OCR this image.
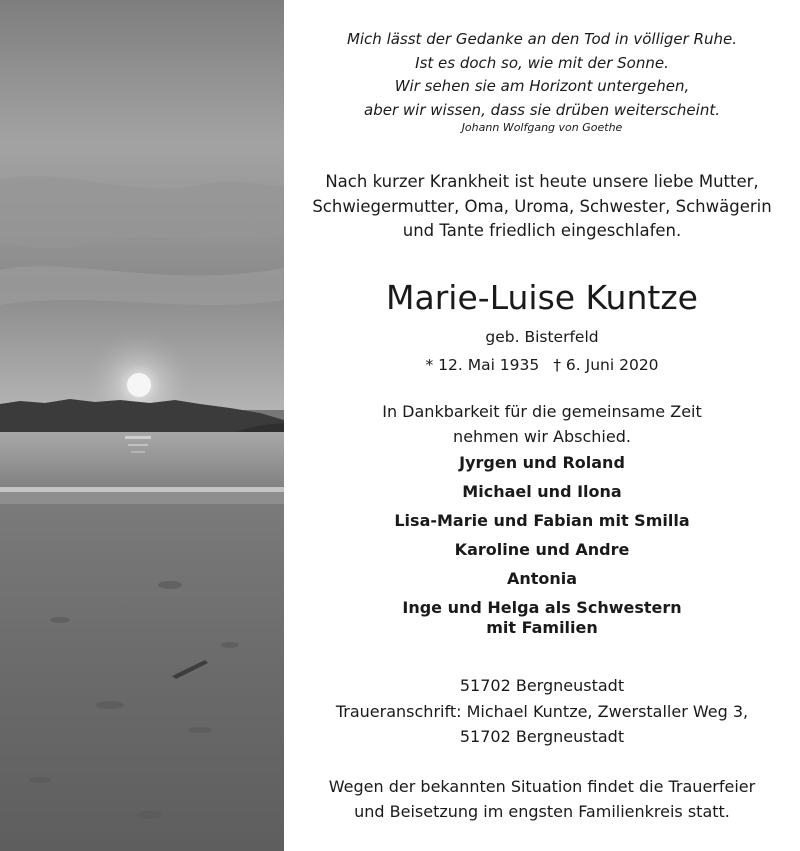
Mich lässt der Gedanke an den Tod in völliger Ruhe.
Ist es doch so, wie mit der Sonne.
Wir sehen sie am Horizont untergehen,
aber wir wissen, dass sie drüben weiterscheint.
Johann Wolfgang von Goethe
Nach kurzer Krankheit ist heute unsere liebe Mutter,
Schwiegermutter, Oma, Uroma, Schwester, Schwägerin
und Tante friedlich eingeschlafen.
Marie-Luise Kuntze
geb. Bisterfeld
* 12. Mai 1935 † 6. Juni 2020
In Dankbarkeit für die gemeinsame Zeit
nehmen wir Abschied.
Jyrgen und Roland
Michael und Ilona
Lisa-Marie und Fabian mit Smilla
Karoline und Andre
Antonia
Inge und Helga als Schwestern
mit Familien
51702 Bergneustadt
Traueranschrift: Michael Kuntze, Zwerstaller Weg 3,
51702 Bergneustadt
Wegen der bekannten Situation findet die Trauerfeier
und Beisetzung im engsten Familienkreis statt.
